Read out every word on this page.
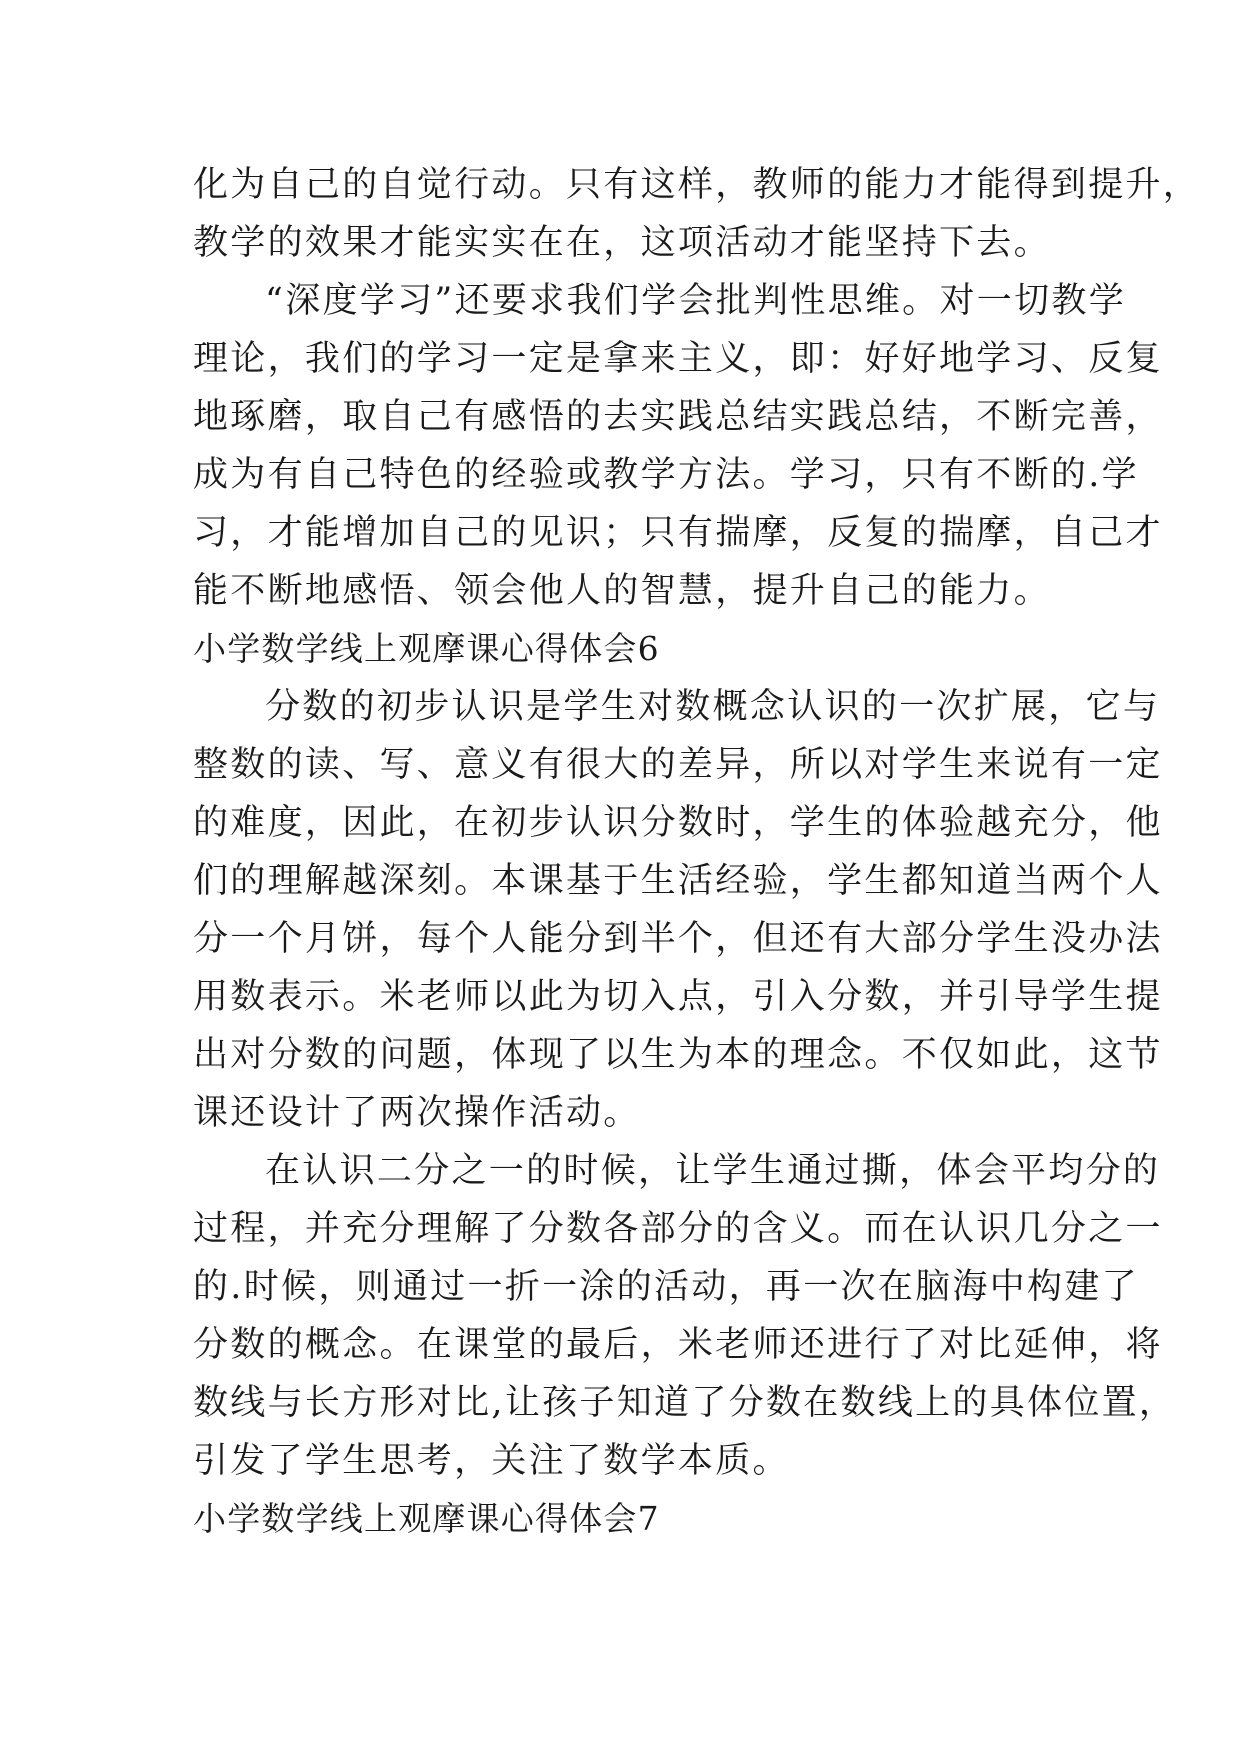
化为自己的自觉行动。只有这样，教师的能力才能得到提升，
教学的效果才能实实在在，这项活动才能坚持下去。
“深度学习”还要求我们学会批判性思维。对一切教学
理论，我们的学习一定是拿来主义，即：好好地学习、反复
地琢磨，取自己有感悟的去实践总结实践总结，不断完善，
成为有自己特色的经验或教学方法。学习，只有不断的.学
习，才能增加自己的见识；只有揣摩，反复的揣摩，自己才
能不断地感悟、领会他人的智慧，提升自己的能力。
小学数学线上观摩课心得体会6
分数的初步认识是学生对数概念认识的一次扩展，它与
整数的读、写、意义有很大的差异，所以对学生来说有一定
的难度，因此，在初步认识分数时，学生的体验越充分，他
们的理解越深刻。本课基于生活经验，学生都知道当两个人
分一个月饼，每个人能分到半个，但还有大部分学生没办法
用数表示。米老师以此为切入点，引入分数，并引导学生提
出对分数的问题，体现了以生为本的理念。不仅如此，这节
课还设计了两次操作活动。
在认识二分之一的时候，让学生通过撕，体会平均分的
过程，并充分理解了分数各部分的含义。而在认识几分之一
的.时候，则通过一折一涂的活动，再一次在脑海中构建了
分数的概念。在课堂的最后，米老师还进行了对比延伸，将
数线与长方形对比,让孩子知道了分数在数线上的具体位置，
引发了学生思考，关注了数学本质。
小学数学线上观摩课心得体会7
